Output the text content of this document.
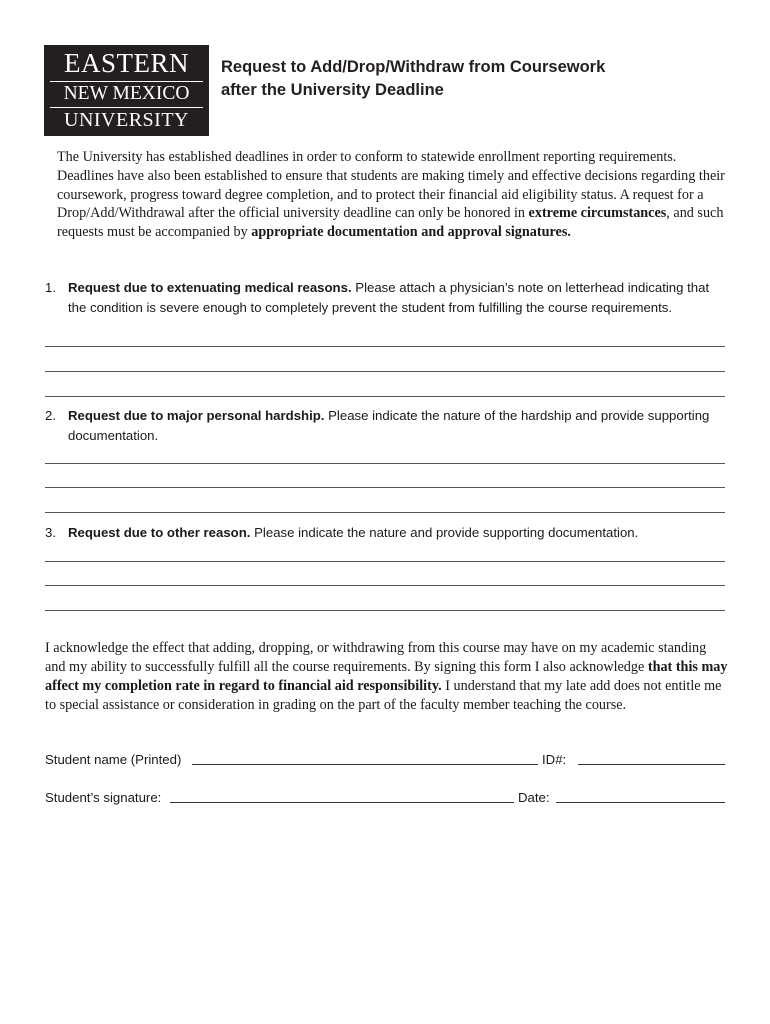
EASTERN
NEW MEXICO
UNIVERSITY
Request to Add/Drop/Withdraw from Coursework
after the University Deadline

The University has established deadlines in order to conform to statewide enrollment reporting requirements. Deadlines have also been established to ensure that students are making timely and effective decisions regarding their coursework, progress toward degree completion, and to protect their financial aid eligibility status. A request for a Drop/Add/Withdrawal after the official university deadline can only be honored in extreme circumstances, and such requests must be accompanied by appropriate documentation and approval signatures.

1. Request due to extenuating medical reasons. Please attach a physician’s note on letterhead indicating that the condition is severe enough to completely prevent the student from fulfilling the course requirements.
2. Request due to major personal hardship. Please indicate the nature of the hardship and provide supporting documentation.
3. Request due to other reason. Please indicate the nature and provide supporting documentation.

I acknowledge the effect that adding, dropping, or withdrawing from this course may have on my academic standing and my ability to successfully fulfill all the course requirements. By signing this form I also acknowledge that this may affect my completion rate in regard to financial aid responsibility. I understand that my late add does not entitle me to special assistance or consideration in grading on the part of the faculty member teaching the course.

Student name (Printed)	ID#:
Student’s signature:	Date:
